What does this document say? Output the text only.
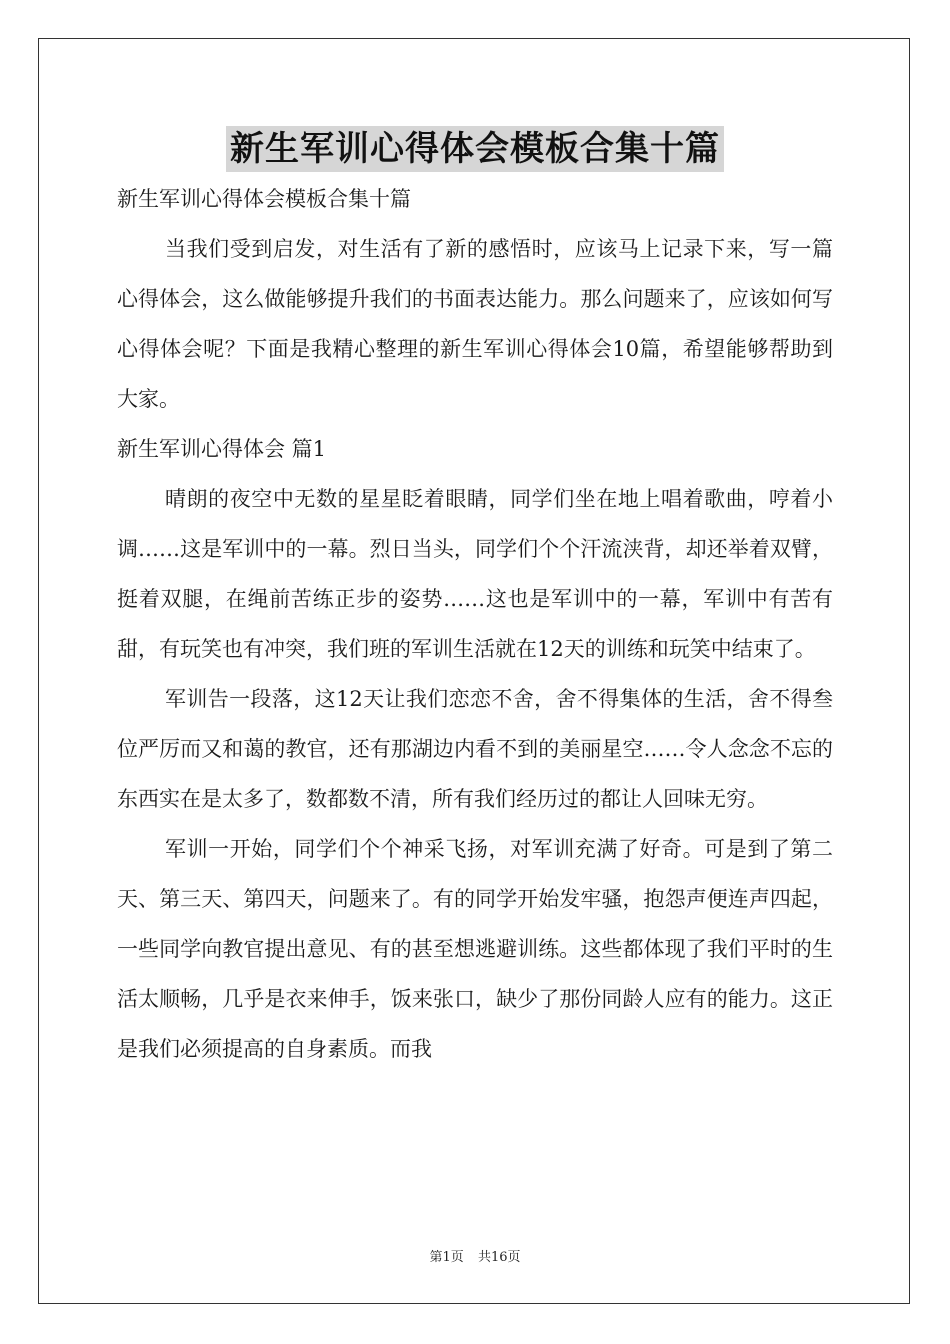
新生军训心得体会模板合集十篇

新生军训心得体会模板合集十篇

当我们受到启发，对生活有了新的感悟时，应该马上记录下来，写一篇心得体会，这么做能够提升我们的书面表达能力。那么问题来了，应该如何写心得体会呢？下面是我精心整理的新生军训心得体会10篇，希望能够帮助到大家。

新生军训心得体会 篇1

晴朗的夜空中无数的星星眨着眼睛，同学们坐在地上唱着歌曲，哼着小调……这是军训中的一幕。烈日当头，同学们个个汗流浃背，却还举着双臂，挺着双腿，在绳前苦练正步的姿势……这也是军训中的一幕，军训中有苦有甜，有玩笑也有冲突，我们班的军训生活就在12天的训练和玩笑中结束了。

军训告一段落，这12天让我们恋恋不舍，舍不得集体的生活，舍不得叁位严厉而又和蔼的教官，还有那湖边内看不到的美丽星空……令人念念不忘的东西实在是太多了，数都数不清，所有我们经历过的都让人回味无穷。

军训一开始，同学们个个神采飞扬，对军训充满了好奇。可是到了第二天、第三天、第四天，问题来了。有的同学开始发牢骚，抱怨声便连声四起，一些同学向教官提出意见、有的甚至想逃避训练。这些都体现了我们平时的生活太顺畅，几乎是衣来伸手，饭来张口，缺少了那份同龄人应有的能力。这正是我们必须提高的自身素质。而我

第1页 共16页
